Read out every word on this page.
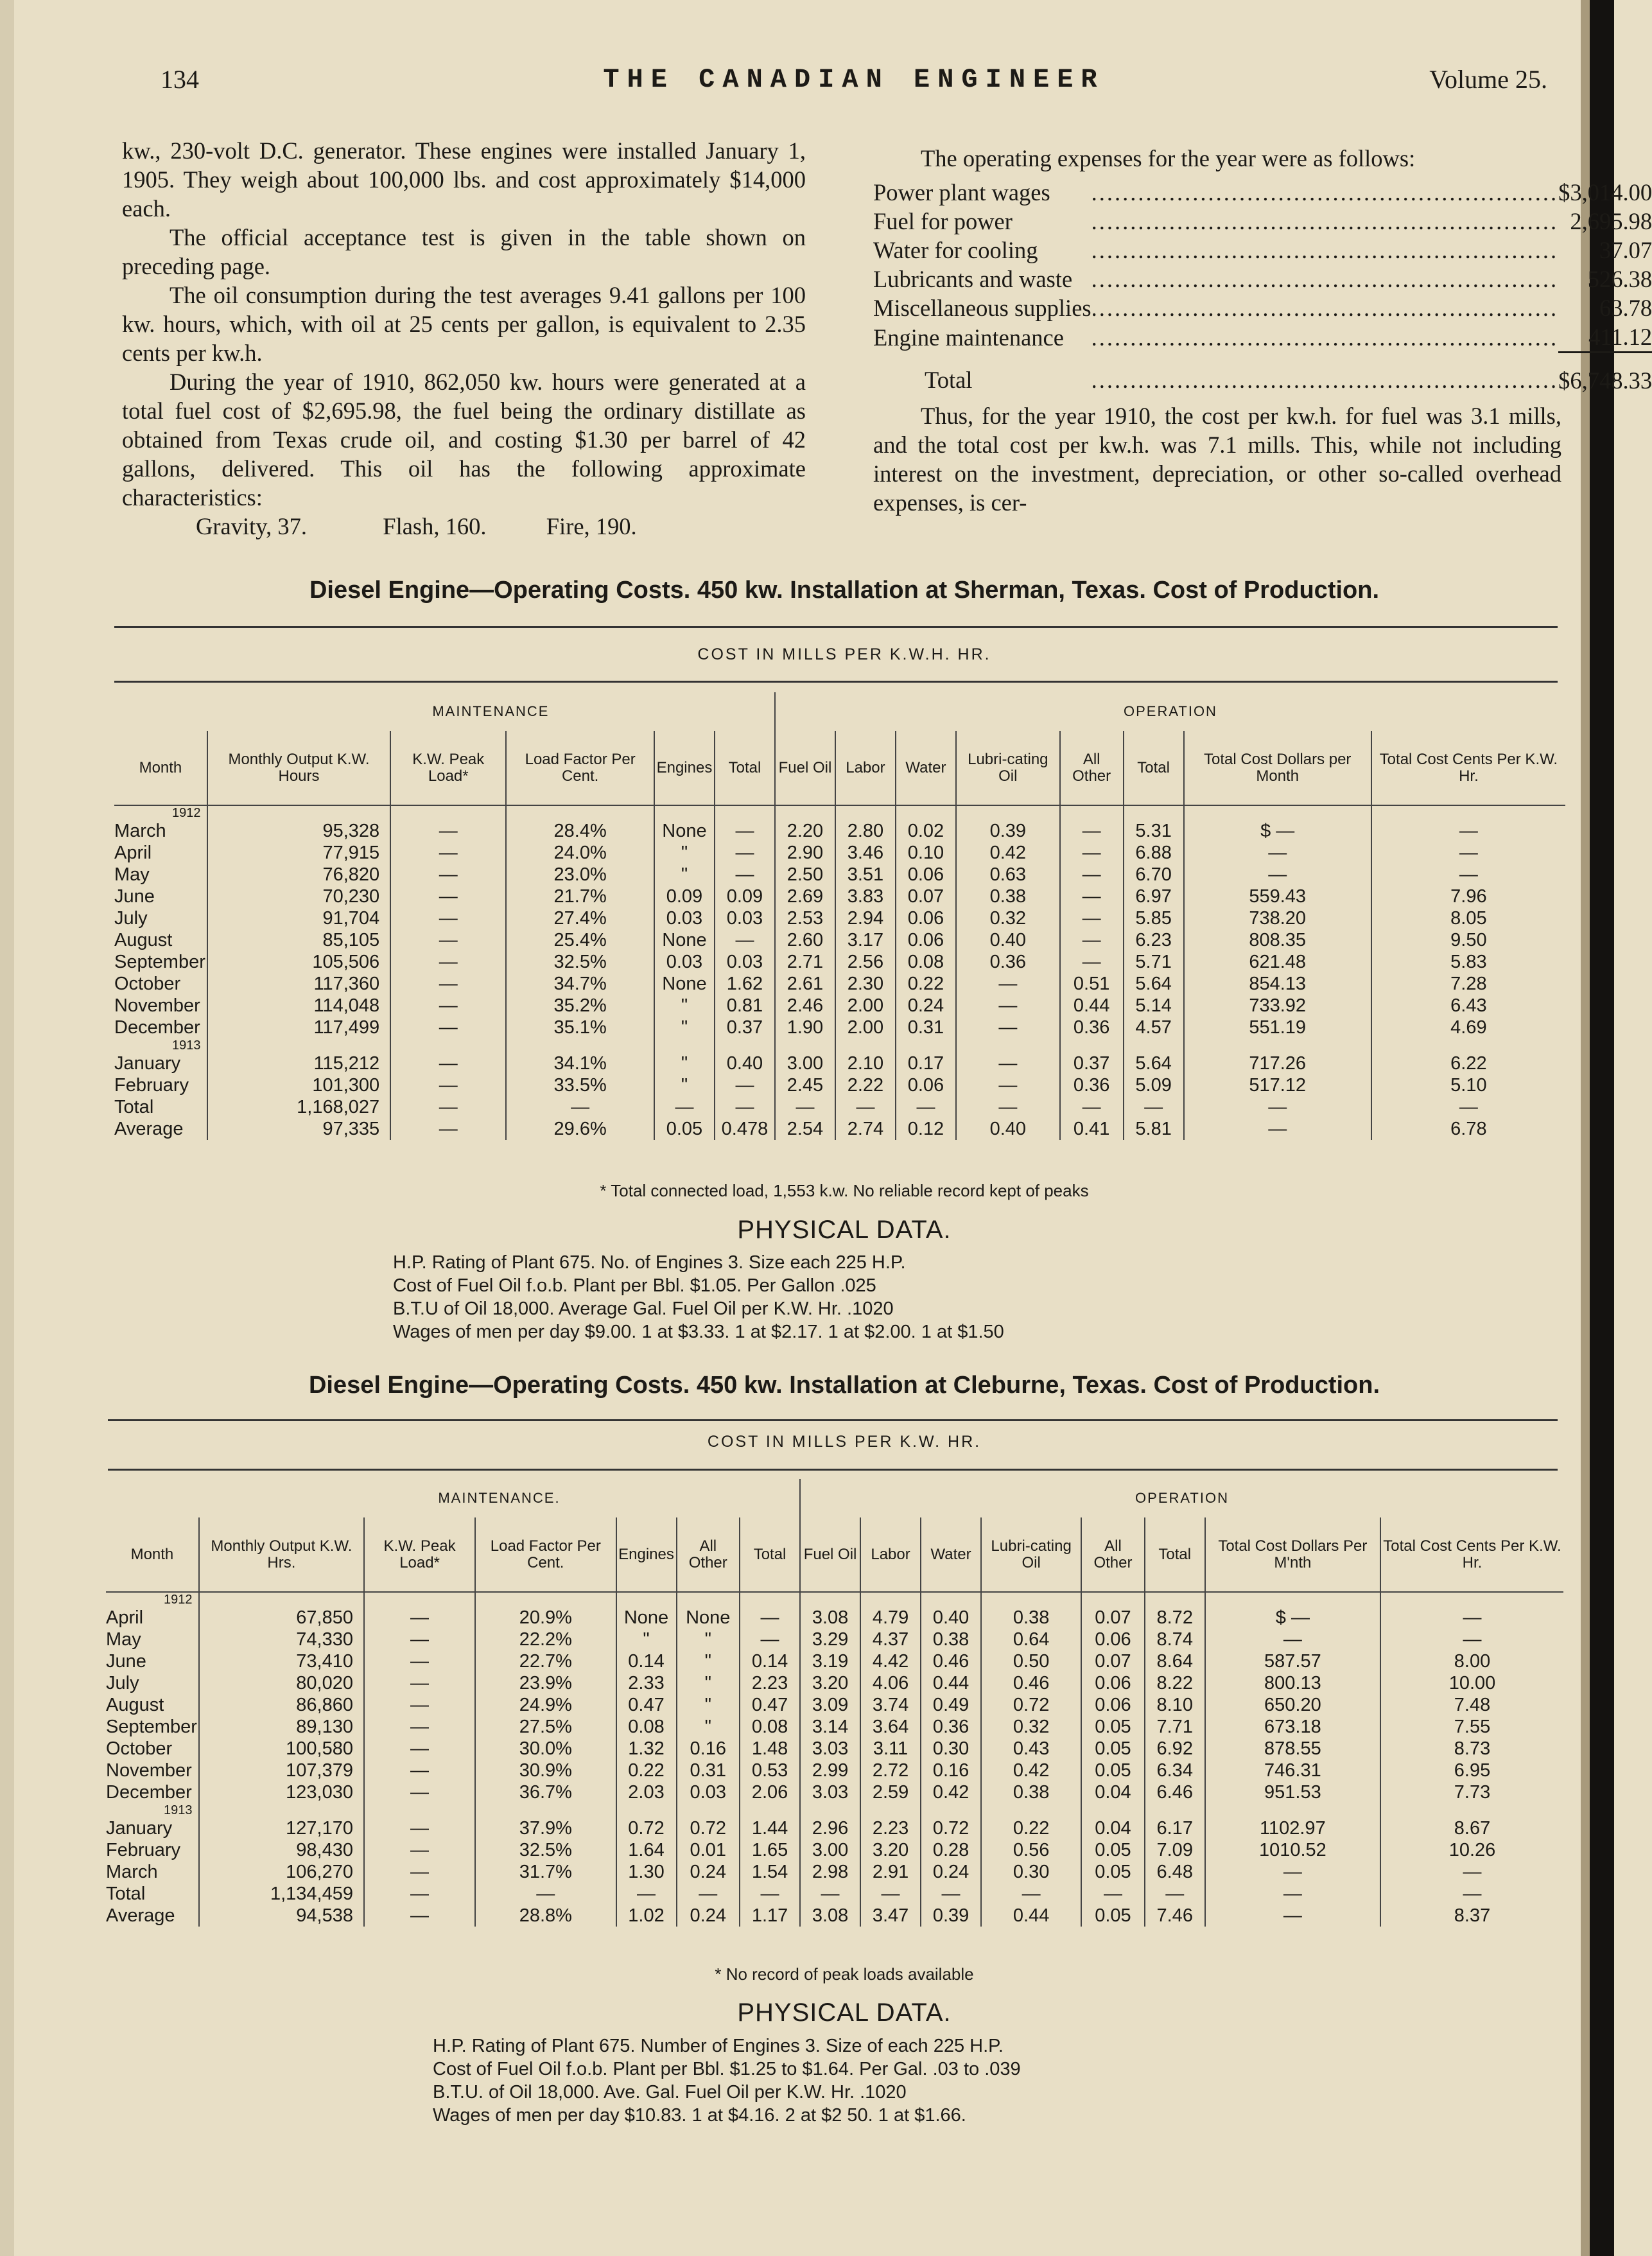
134	THE CANADIAN ENGINEER	Volume 25.

kw., 230-volt D.C. generator. These engines were installed January 1, 1905. They weigh about 100,000 lbs. and cost approximately $14,000 each.

The official acceptance test is given in the table shown on preceding page.

The oil consumption during the test averages 9.41 gallons per 100 kw. hours, which, with oil at 25 cents per gallon, is equivalent to 2.35 cents per kw.h.

During the year of 1910, 862,050 kw. hours were generated at a total fuel cost of $2,695.98, the fuel being the ordinary distillate as obtained from Texas crude oil, and costing $1.30 per barrel of 42 gallons, delivered. This oil has the following approximate characteristics:

Gravity, 37.	Flash, 160.	Fire, 190.

The operating expenses for the year were as follows:

Power plant wages	............................................................	$3,014.00
Fuel for power	............................................................	2,695.98
Water for cooling	............................................................	37.07
Lubricants and waste	............................................................	526.38
Miscellaneous supplies	............................................................	63.78
Engine maintenance	............................................................	411.12
Total	............................................................	$6,748.33

Thus, for the year 1910, the cost per kw.h. for fuel was 3.1 mills, and the total cost per kw.h. was 7.1 mills. This, while not including interest on the investment, depreciation, or other so-called overhead expenses, is cer-

Diesel Engine—Operating Costs. 450 kw. Installation at Sherman, Texas. Cost of Production.
COST IN MILLS PER K.W.H. HR.
	MAINTENANCE					OPERATION							
Month	Monthly Output K.W. Hours	K.W. Peak Load*	Load Factor Per Cent.	Engines	Total	Fuel Oil	Labor	Water	Lubri-cating Oil	All Other	Total	Total Cost Dollars per Month	Total Cost Cents Per K.W. Hr.
1912													
March	95,328	—	28.4%	None	—	2.20	2.80	0.02	0.39	—	5.31	$ —	—
April	77,915	—	24.0%	"	—	2.90	3.46	0.10	0.42	—	6.88	—	—
May	76,820	—	23.0%	"	—	2.50	3.51	0.06	0.63	—	6.70	—	—
June	70,230	—	21.7%	0.09	0.09	2.69	3.83	0.07	0.38	—	6.97	559.43	7.96
July	91,704	—	27.4%	0.03	0.03	2.53	2.94	0.06	0.32	—	5.85	738.20	8.05
August	85,105	—	25.4%	None	—	2.60	3.17	0.06	0.40	—	6.23	808.35	9.50
September	105,506	—	32.5%	0.03	0.03	2.71	2.56	0.08	0.36	—	5.71	621.48	5.83
October	117,360	—	34.7%	None	1.62	2.61	2.30	0.22	—	0.51	5.64	854.13	7.28
November	114,048	—	35.2%	"	0.81	2.46	2.00	0.24	—	0.44	5.14	733.92	6.43
December	117,499	—	35.1%	"	0.37	1.90	2.00	0.31	—	0.36	4.57	551.19	4.69
1913													
January	115,212	—	34.1%	"	0.40	3.00	2.10	0.17	—	0.37	5.64	717.26	6.22
February	101,300	—	33.5%	"	—	2.45	2.22	0.06	—	0.36	5.09	517.12	5.10
Total	1,168,027	—	—	—	—	—	—	—	—	—	—	—	—
Average	97,335	—	29.6%	0.05	0.478	2.54	2.74	0.12	0.40	0.41	5.81	—	6.78
* Total connected load, 1,553 k.w. No reliable record kept of peaks
PHYSICAL DATA.
H.P. Rating of Plant 675. No. of Engines 3. Size each 225 H.P.
Cost of Fuel Oil f.o.b. Plant per Bbl. $1.05. Per Gallon .025
B.T.U of Oil 18,000. Average Gal. Fuel Oil per K.W. Hr. .1020
Wages of men per day $9.00. 1 at $3.33. 1 at $2.17. 1 at $2.00. 1 at $1.50
Diesel Engine—Operating Costs. 450 kw. Installation at Cleburne, Texas. Cost of Production.
COST IN MILLS PER K.W. HR.
	MAINTENANCE.						OPERATION							
Month	Monthly Output K.W. Hrs.	K.W. Peak Load*	Load Factor Per Cent.	Engines	All Other	Total	Fuel Oil	Labor	Water	Lubri-cating Oil	All Other	Total	Total Cost Dollars Per M'nth	Total Cost Cents Per K.W. Hr.
1912														
April	67,850	—	20.9%	None	None	—	3.08	4.79	0.40	0.38	0.07	8.72	$ —	—
May	74,330	—	22.2%	"	"	—	3.29	4.37	0.38	0.64	0.06	8.74	—	—
June	73,410	—	22.7%	0.14	"	0.14	3.19	4.42	0.46	0.50	0.07	8.64	587.57	8.00
July	80,020	—	23.9%	2.33	"	2.23	3.20	4.06	0.44	0.46	0.06	8.22	800.13	10.00
August	86,860	—	24.9%	0.47	"	0.47	3.09	3.74	0.49	0.72	0.06	8.10	650.20	7.48
September	89,130	—	27.5%	0.08	"	0.08	3.14	3.64	0.36	0.32	0.05	7.71	673.18	7.55
October	100,580	—	30.0%	1.32	0.16	1.48	3.03	3.11	0.30	0.43	0.05	6.92	878.55	8.73
November	107,379	—	30.9%	0.22	0.31	0.53	2.99	2.72	0.16	0.42	0.05	6.34	746.31	6.95
December	123,030	—	36.7%	2.03	0.03	2.06	3.03	2.59	0.42	0.38	0.04	6.46	951.53	7.73
1913														
January	127,170	—	37.9%	0.72	0.72	1.44	2.96	2.23	0.72	0.22	0.04	6.17	1102.97	8.67
February	98,430	—	32.5%	1.64	0.01	1.65	3.00	3.20	0.28	0.56	0.05	7.09	1010.52	10.26
March	106,270	—	31.7%	1.30	0.24	1.54	2.98	2.91	0.24	0.30	0.05	6.48	—	—
Total	1,134,459	—	—	—	—	—	—	—	—	—	—	—	—	—
Average	94,538	—	28.8%	1.02	0.24	1.17	3.08	3.47	0.39	0.44	0.05	7.46	—	8.37
* No record of peak loads available
PHYSICAL DATA.
H.P. Rating of Plant 675. Number of Engines 3. Size of each 225 H.P.
Cost of Fuel Oil f.o.b. Plant per Bbl. $1.25 to $1.64. Per Gal. .03 to .039
B.T.U. of Oil 18,000. Ave. Gal. Fuel Oil per K.W. Hr. .1020
Wages of men per day $10.83. 1 at $4.16. 2 at $2 50. 1 at $1.66.
